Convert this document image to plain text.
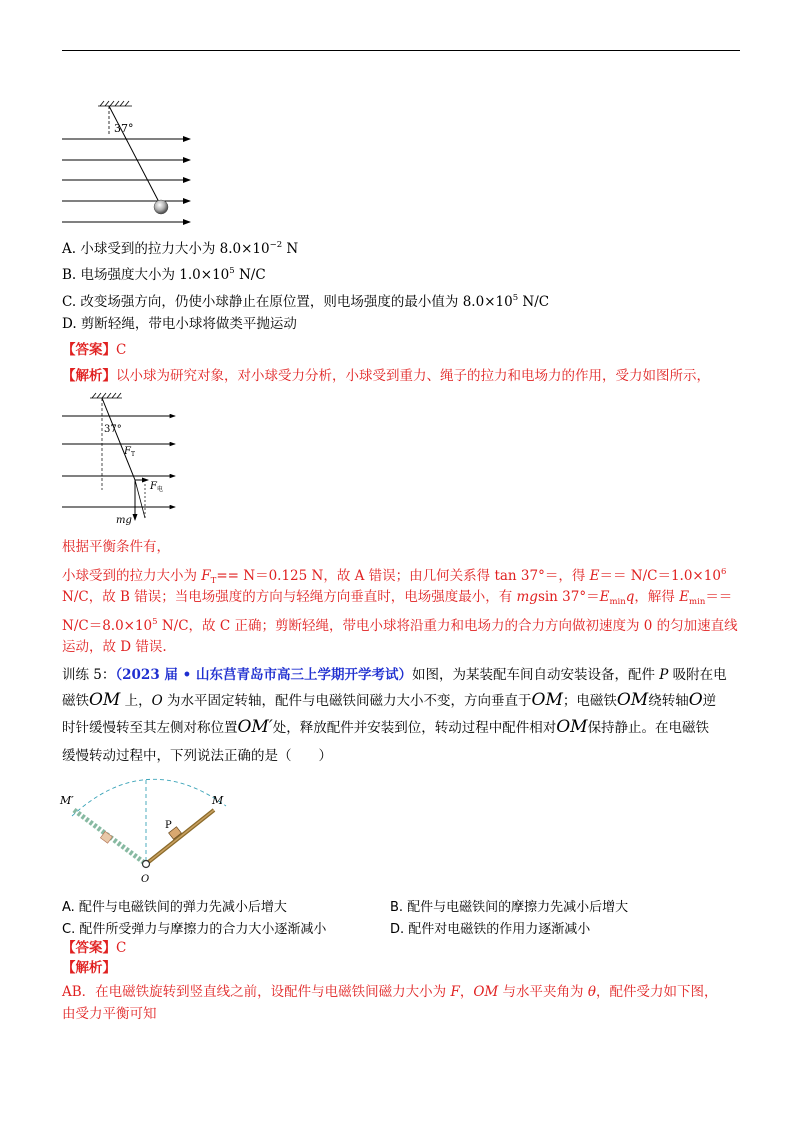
37°
A. 小球受到的拉力大小为 $8.0\times 10^{-2}$ N
B. 电场强度大小为 $1.0\times 10^5$ N/C
C. 改变场强方向，仍使小球静止在原位置，则电场强度的最小值为 $8.0\times 10^5$ N/C
D. 剪断轻绳，带电小球将做类平抛运动
【答案】C
【解析】以小球为研究对象，对小球受力分析，小球受到重力、绳子的拉力和电场力的作用，受力如图所示，
37°
$F_T$
$F_电$
mg
根据平衡条件有，
小球受到的拉力大小为 $F_T== N=0.125$ N，故 A 错误；由几何关系得 tan 37°＝，得 $E== N/C=1.0\times 10^6$
N/C，故 B 错误；当电场强度的方向与轻绳方向垂直时，电场强度最小，有 mgsin $37^\circ=E_{min}q$，解得 $E_{min}==$
$N/C=8.0\times 10^5$ N/C，故 C 正确；剪断轻绳，带电小球将沿重力和电场力的合力方向做初速度为 0 的匀加速直线
运动，故 D 错误.
训练 5：（2023 届 • 山东莒青岛市高三上学期开学考试）如图，为某装配车间自动安装设备，配件 P 吸附在电
磁铁OM 上，O 为水平固定转轴，配件与电磁铁间磁力大小不变，方向垂直于OM；电磁铁OM绕转轴O逆
时针缓慢转至其左侧对称位置OM′处，释放配件并安装到位，转动过程中配件相对OM保持静止。在电磁铁
缓慢转动过程中，下列说法正确的是（　　）
M′	M
P
O
A. 配件与电磁铁间的弹力先减小后增大	B. 配件与电磁铁间的摩擦力先减小后增大
C. 配件所受弹力与摩擦力的合力大小逐渐减小	D. 配件对电磁铁的作用力逐渐减小
【答案】C
【解析】
AB．在电磁铁旋转到竖直线之前，设配件与电磁铁间磁力大小为 F，OM 与水平夹角为 θ，配件受力如下图，
由受力平衡可知
